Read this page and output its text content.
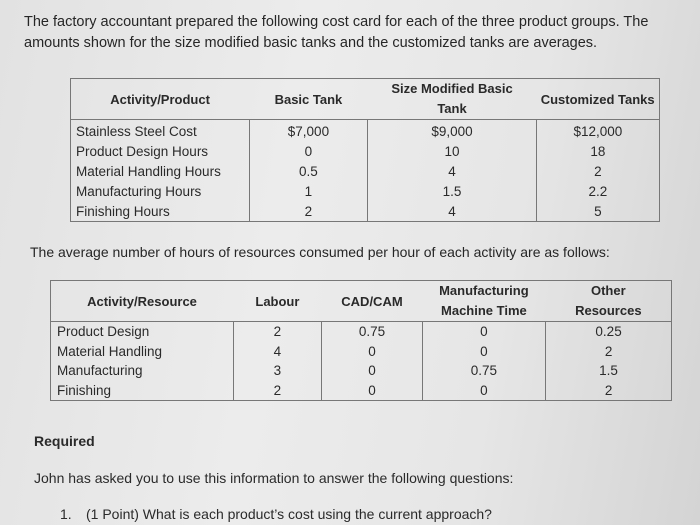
The factory accountant prepared the following cost card for each of the three product groups. The amounts shown for the size modified basic tanks and the customized tanks are averages.
Activity/Product	Basic Tank	Size Modified Basic Tank	Customized Tanks
Stainless Steel Cost	$7,000	$9,000	$12,000
Product Design Hours	0	10	18
Material Handling Hours	0.5	4	2
Manufacturing Hours	1	1.5	2.2
Finishing Hours	2	4	5
The average number of hours of resources consumed per hour of each activity are as follows:
Activity/Resource	Labour	CAD/CAM	Manufacturing Machine Time	Other Resources
Product Design	2	0.75	0	0.25
Material Handling	4	0	0	2
Manufacturing	3	0	0.75	1.5
Finishing	2	0	0	2
Required
John has asked you to use this information to answer the following questions:
1. (1 Point) What is each product’s cost using the current approach?
